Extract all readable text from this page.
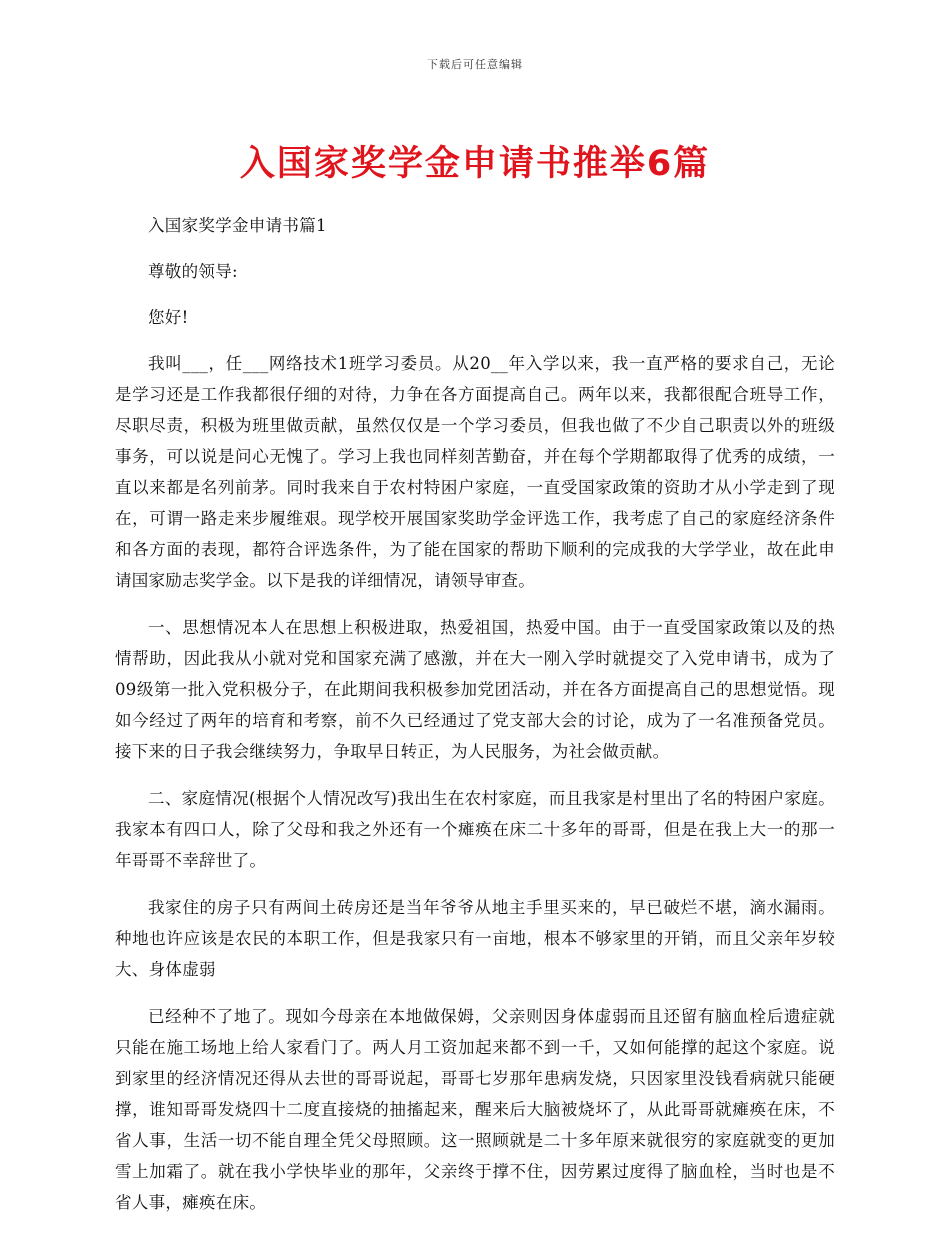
下载后可任意编辑
入国家奖学金申请书推举6篇

入国家奖学金申请书篇1

尊敬的领导:

您好!

我叫___，任___网络技术1班学习委员。从20__年入学以来，我一直严格的要求自己，无论是学习还是工作我都很仔细的对待，力争在各方面提高自己。两年以来，我都很配合班导工作，尽职尽责，积极为班里做贡献，虽然仅仅是一个学习委员，但我也做了不少自己职责以外的班级事务，可以说是问心无愧了。学习上我也同样刻苦勤奋，并在每个学期都取得了优秀的成绩，一直以来都是名列前茅。同时我来自于农村特困户家庭，一直受国家政策的资助才从小学走到了现在，可谓一路走来步履维艰。现学校开展国家奖助学金评选工作，我考虑了自己的家庭经济条件和各方面的表现，都符合评选条件，为了能在国家的帮助下顺利的完成我的大学学业，故在此申请国家励志奖学金。以下是我的详细情况，请领导审查。

一、思想情况本人在思想上积极进取，热爱祖国，热爱中国。由于一直受国家政策以及的热情帮助，因此我从小就对党和国家充满了感激，并在大一刚入学时就提交了入党申请书，成为了09级第一批入党积极分子，在此期间我积极参加党团活动，并在各方面提高自己的思想觉悟。现如今经过了两年的培育和考察，前不久已经通过了党支部大会的讨论，成为了一名准预备党员。接下来的日子我会继续努力，争取早日转正，为人民服务，为社会做贡献。

二、家庭情况(根据个人情况改写)我出生在农村家庭，而且我家是村里出了名的特困户家庭。我家本有四口人，除了父母和我之外还有一个瘫痪在床二十多年的哥哥，但是在我上大一的那一年哥哥不幸辞世了。

我家住的房子只有两间土砖房还是当年爷爷从地主手里买来的，早已破烂不堪，滴水漏雨。种地也许应该是农民的本职工作，但是我家只有一亩地，根本不够家里的开销，而且父亲年岁较大、身体虚弱

已经种不了地了。现如今母亲在本地做保姆，父亲则因身体虚弱而且还留有脑血栓后遗症就只能在施工场地上给人家看门了。两人月工资加起来都不到一千，又如何能撑的起这个家庭。说到家里的经济情况还得从去世的哥哥说起，哥哥七岁那年患病发烧，只因家里没钱看病就只能硬撑，谁知哥哥发烧四十二度直接烧的抽搐起来，醒来后大脑被烧坏了，从此哥哥就瘫痪在床，不省人事，生活一切不能自理全凭父母照顾。这一照顾就是二十多年原来就很穷的家庭就变的更加雪上加霜了。就在我小学快毕业的那年，父亲终于撑不住，因劳累过度得了脑血栓，当时也是不省人事，瘫痪在床。
